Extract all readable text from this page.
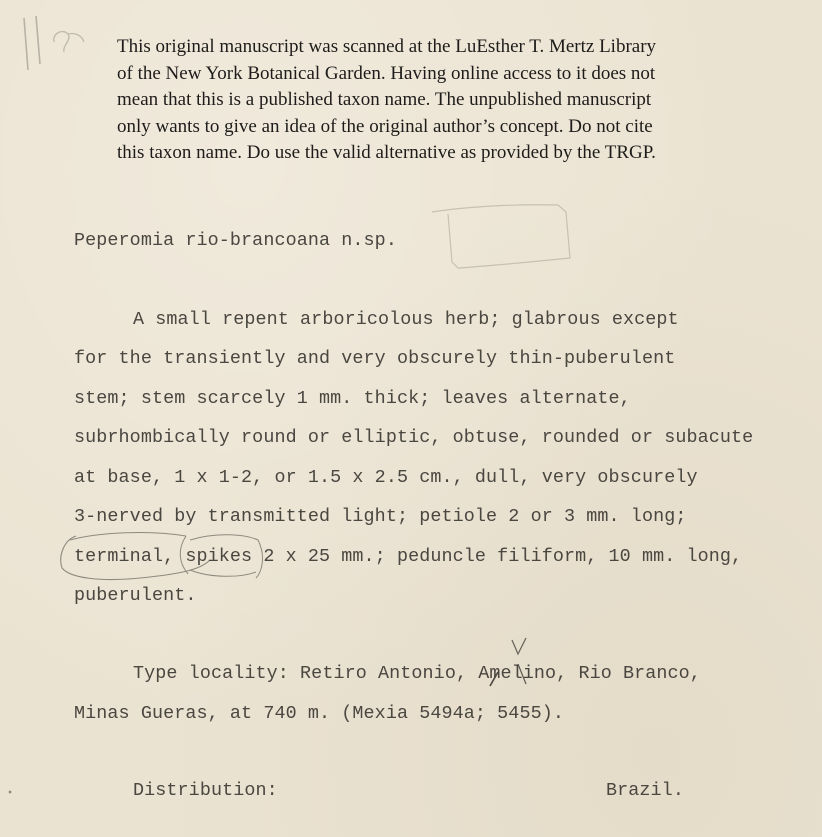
This original manuscript was scanned at the LuEsther T. Mertz Library

of the New York Botanical Garden. Having online access to it does not

mean that this is a published taxon name. The unpublished manuscript

only wants to give an idea of the original author’s concept. Do not cite

this taxon name. Do use the valid alternative as provided by the TRGP.

Peperomia rio-brancoana n.sp.
A small repent arboricolous herb; glabrous except
for the transiently and very obscurely thin-puberulent
stem; stem scarcely 1 mm. thick; leaves alternate,
subrhombically round or elliptic, obtuse, rounded or subacute
at base, 1 x 1-2, or 1.5 x 2.5 cm., dull, very obscurely
3-nerved by transmitted light; petiole 2 or 3 mm. long;
terminal, spikes 2 x 25 mm.; peduncle filiform, 10 mm. long,
puberulent.
Type locality: Retiro Antonio, Amelino, Rio Branco,
Minas Gueras, at 740 m. (Mexia 5494a; 5455).
Distribution:	Brazil.
